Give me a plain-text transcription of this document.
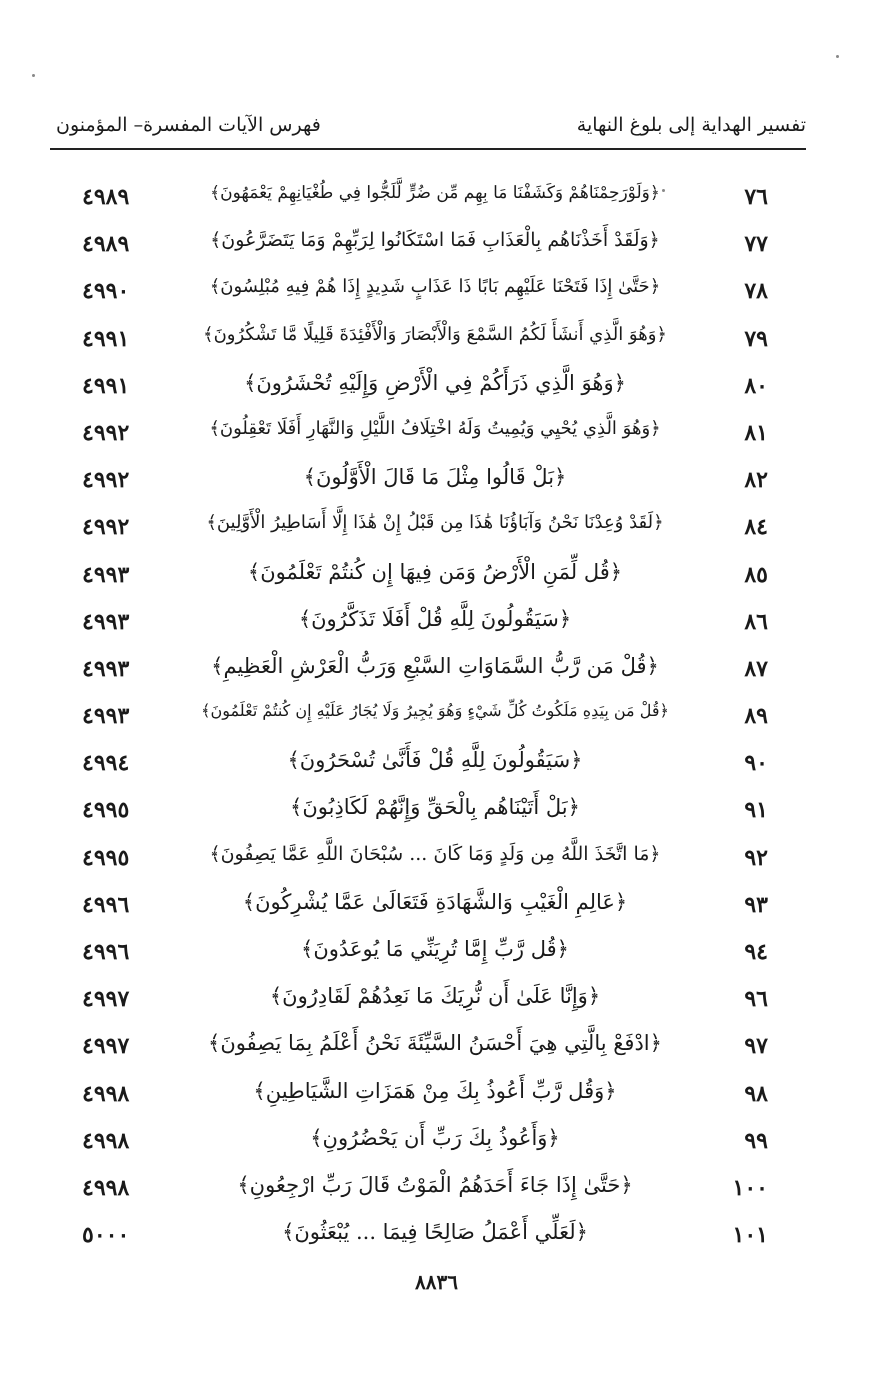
تفسير الهداية إلى بلوغ النهاية
فهرس الآيات المفسرة– المؤمنون
٧٦
﴿وَلَوْرَحِمْنَاهُمْ وَكَشَفْنَا مَا بِهِم مِّن ضُرٍّ لَّلَجُّوا فِي طُغْيَانِهِمْ يَعْمَهُونَ﴾
٤٩٨٩
٧٧
﴿وَلَقَدْ أَخَذْنَاهُم بِالْعَذَابِ فَمَا اسْتَكَانُوا لِرَبِّهِمْ وَمَا يَتَضَرَّعُونَ﴾
٤٩٨٩
٧٨
﴿حَتَّىٰ إِذَا فَتَحْنَا عَلَيْهِم بَابًا ذَا عَذَابٍ شَدِيدٍ إِذَا هُمْ فِيهِ مُبْلِسُونَ﴾
٤٩٩٠
٧٩
﴿وَهُوَ الَّذِي أَنشَأَ لَكُمُ السَّمْعَ وَالْأَبْصَارَ وَالْأَفْئِدَةَ قَلِيلًا مَّا تَشْكُرُونَ﴾
٤٩٩١
٨٠
﴿وَهُوَ الَّذِي ذَرَأَكُمْ فِي الْأَرْضِ وَإِلَيْهِ تُحْشَرُونَ﴾
٤٩٩١
٨١
﴿وَهُوَ الَّذِي يُحْيِي وَيُمِيتُ وَلَهُ اخْتِلَافُ اللَّيْلِ وَالنَّهَارِ أَفَلَا تَعْقِلُونَ﴾
٤٩٩٢
٨٢
﴿بَلْ قَالُوا مِثْلَ مَا قَالَ الْأَوَّلُونَ﴾
٤٩٩٢
٨٤
﴿لَقَدْ وُعِدْنَا نَحْنُ وَآبَاؤُنَا هَٰذَا مِن قَبْلُ إِنْ هَٰذَا إِلَّا أَسَاطِيرُ الْأَوَّلِينَ﴾
٤٩٩٢
٨٥
﴿قُل لِّمَنِ الْأَرْضُ وَمَن فِيهَا إِن كُنتُمْ تَعْلَمُونَ﴾
٤٩٩٣
٨٦
﴿سَيَقُولُونَ لِلَّهِ قُلْ أَفَلَا تَذَكَّرُونَ﴾
٤٩٩٣
٨٧
﴿قُلْ مَن رَّبُّ السَّمَاوَاتِ السَّبْعِ وَرَبُّ الْعَرْشِ الْعَظِيمِ﴾
٤٩٩٣
٨٩
﴿قُلْ مَن بِيَدِهِ مَلَكُوتُ كُلِّ شَيْءٍ وَهُوَ يُجِيرُ وَلَا يُجَارُ عَلَيْهِ إِن كُنتُمْ تَعْلَمُونَ﴾
٤٩٩٣
٩٠
﴿سَيَقُولُونَ لِلَّهِ قُلْ فَأَنَّىٰ تُسْحَرُونَ﴾
٤٩٩٤
٩١
﴿بَلْ أَتَيْنَاهُم بِالْحَقِّ وَإِنَّهُمْ لَكَاذِبُونَ﴾
٤٩٩٥
٩٢
﴿مَا اتَّخَذَ اللَّهُ مِن وَلَدٍ وَمَا كَانَ ... سُبْحَانَ اللَّهِ عَمَّا يَصِفُونَ﴾
٤٩٩٥
٩٣
﴿عَالِمِ الْغَيْبِ وَالشَّهَادَةِ فَتَعَالَىٰ عَمَّا يُشْرِكُونَ﴾
٤٩٩٦
٩٤
﴿قُل رَّبِّ إِمَّا تُرِيَنِّي مَا يُوعَدُونَ﴾
٤٩٩٦
٩٦
﴿وَإِنَّا عَلَىٰ أَن نُّرِيَكَ مَا نَعِدُهُمْ لَقَادِرُونَ﴾
٤٩٩٧
٩٧
﴿ادْفَعْ بِالَّتِي هِيَ أَحْسَنُ السَّيِّئَةَ نَحْنُ أَعْلَمُ بِمَا يَصِفُونَ﴾
٤٩٩٧
٩٨
﴿وَقُل رَّبِّ أَعُوذُ بِكَ مِنْ هَمَزَاتِ الشَّيَاطِينِ﴾
٤٩٩٨
٩٩
﴿وَأَعُوذُ بِكَ رَبِّ أَن يَحْضُرُونِ﴾
٤٩٩٨
١٠٠
﴿حَتَّىٰ إِذَا جَاءَ أَحَدَهُمُ الْمَوْتُ قَالَ رَبِّ ارْجِعُونِ﴾
٤٩٩٨
١٠١
﴿لَعَلِّي أَعْمَلُ صَالِحًا فِيمَا ... يُبْعَثُونَ﴾
٥٠٠٠
٨٨٣٦
